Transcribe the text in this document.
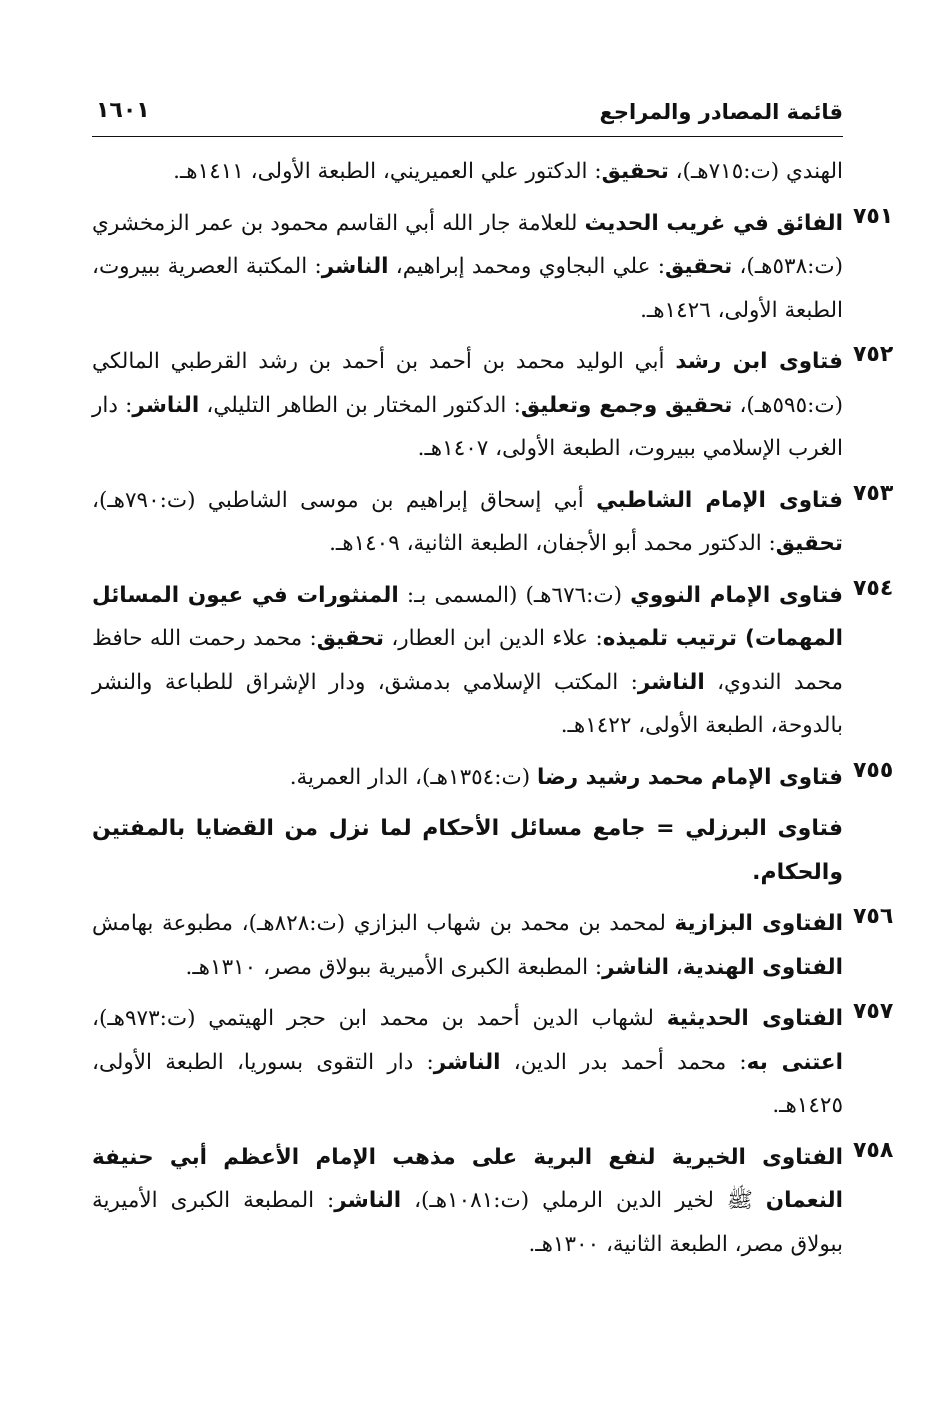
قائمة المصادر والمراجع
١٦٠١
الهندي (ت:٧١٥هـ)، تحقيق: الدكتور علي العميريني، الطبعة الأولى، ١٤١١هـ.
٧٥١
الفائق في غريب الحديث للعلامة جار الله أبي القاسم محمود بن عمر الزمخشري (ت:٥٣٨هـ)، تحقيق: علي البجاوي ومحمد إبراهيم، الناشر: المكتبة العصرية ببيروت، الطبعة الأولى، ١٤٢٦هـ.
٧٥٢
فتاوى ابن رشد أبي الوليد محمد بن أحمد بن أحمد بن رشد القرطبي المالكي (ت:٥٩٥هـ)، تحقيق وجمع وتعليق: الدكتور المختار بن الطاهر التليلي، الناشر: دار الغرب الإسلامي ببيروت، الطبعة الأولى، ١٤٠٧هـ.
٧٥٣
فتاوى الإمام الشاطبي أبي إسحاق إبراهيم بن موسى الشاطبي (ت:٧٩٠هـ)، تحقيق: الدكتور محمد أبو الأجفان، الطبعة الثانية، ١٤٠٩هـ.
٧٥٤
فتاوى الإمام النووي (ت:٦٧٦هـ) (المسمى بـ: المنثورات في عيون المسائل المهمات) ترتيب تلميذه: علاء الدين ابن العطار، تحقيق: محمد رحمت الله حافظ محمد الندوي، الناشر: المكتب الإسلامي بدمشق، ودار الإشراق للطباعة والنشر بالدوحة، الطبعة الأولى، ١٤٢٢هـ.
٧٥٥
فتاوى الإمام محمد رشيد رضا (ت:١٣٥٤هـ)، الدار العمرية.
فتاوى البرزلي = جامع مسائل الأحكام لما نزل من القضايا بالمفتين والحكام.
٧٥٦
الفتاوى البزازية لمحمد بن محمد بن شهاب البزازي (ت:٨٢٨هـ)، مطبوعة بهامش الفتاوى الهندية، الناشر: المطبعة الكبرى الأميرية ببولاق مصر، ١٣١٠هـ.
٧٥٧
الفتاوى الحديثية لشهاب الدين أحمد بن محمد ابن حجر الهيتمي (ت:٩٧٣هـ)، اعتنى به: محمد أحمد بدر الدين، الناشر: دار التقوى بسوريا، الطبعة الأولى، ١٤٢٥هـ.
٧٥٨
الفتاوى الخيرية لنفع البرية على مذهب الإمام الأعظم أبي حنيفة النعمان ﷺ لخير الدين الرملي (ت:١٠٨١هـ)، الناشر: المطبعة الكبرى الأميرية ببولاق مصر، الطبعة الثانية، ١٣٠٠هـ.
